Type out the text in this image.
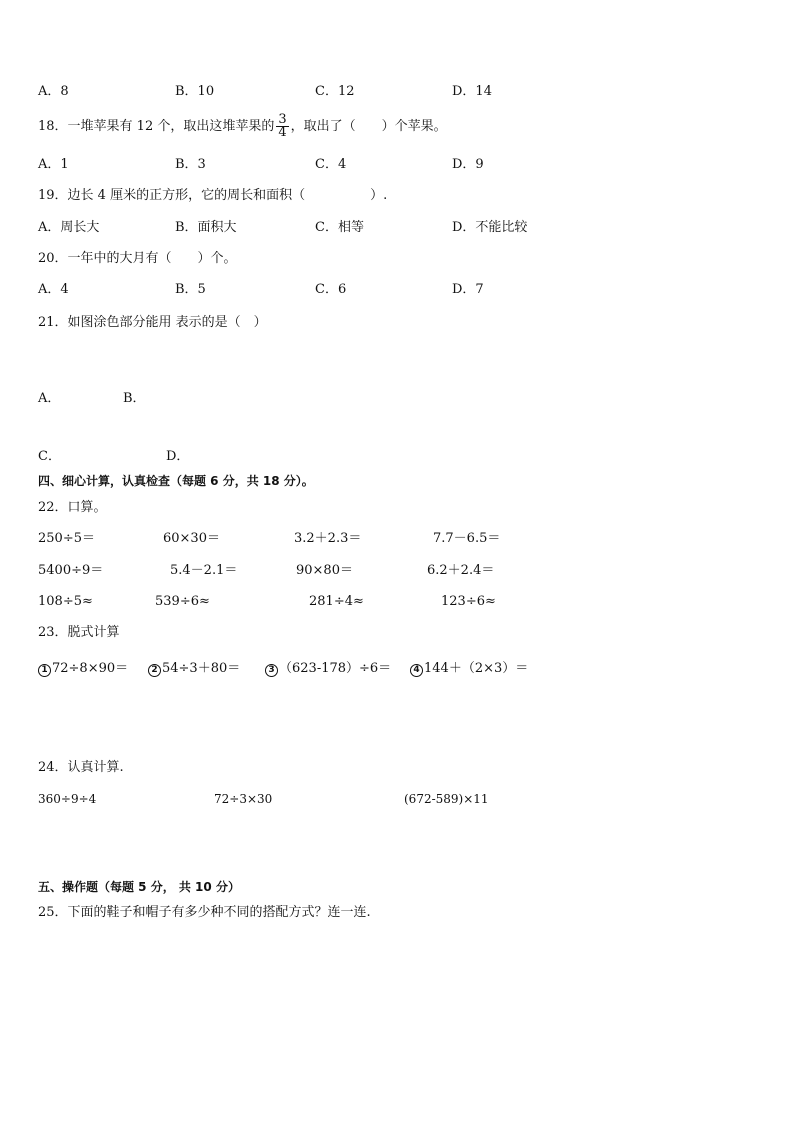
A．8	B．10	C．12	D．14
18．一堆苹果有 12 个，取出这堆苹果的 $\frac{3}{4}$ ，取出了（　　）个苹果。
A．1	B．3	C．4	D．9
19．边长 4 厘米的正方形，它的周长和面积（　　　　　）.
A．周长大	B．面积大	C．相等	D．不能比较
20．一年中的大月有（　　）个。
A．4	B．5	C．6	D．7
21．如图涂色部分能用 表示的是（　）
A．	B．
C．	D．
四、细心计算，认真检查（每题 6 分，共 18 分）。
22．口算。
250÷5＝	60×30＝	3.2＋2.3＝	7.7－6.5＝
5400÷9＝	5.4－2.1＝	90×80＝	6.2＋2.4＝
108÷5≈	539÷6≈	281÷4≈	123÷6≈
23．脱式计算
1 72÷8×90＝	2 54÷3＋80＝	3 （623-178）÷6＝	4 144＋（2×3）＝
24．认真计算.
360÷9÷4	72÷3×30	(672-589)×11
五、操作题（每题 5 分， 共 10 分）
25．下面的鞋子和帽子有多少种不同的搭配方式？连一连.
